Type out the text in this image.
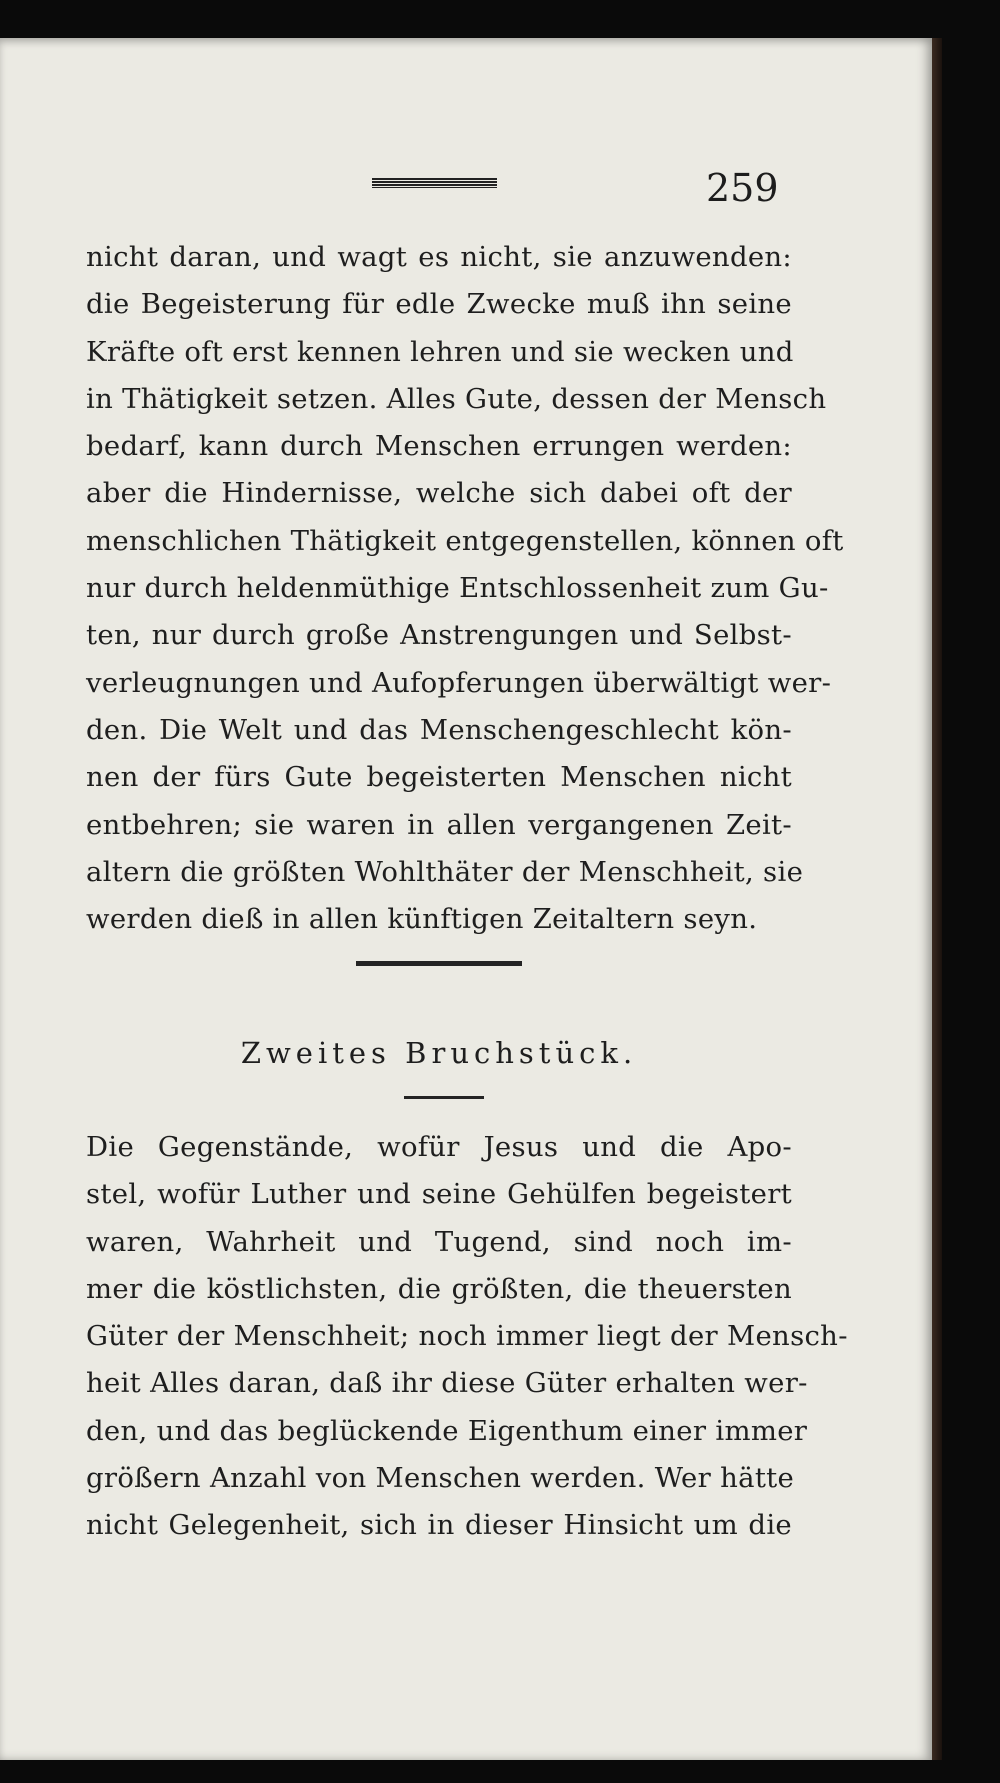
259
nicht daran, und wagt es nicht, sie anzuwenden:
die Begeisterung für edle Zwecke muß ihn seine
Kräfte oft erst kennen lehren und sie wecken und
in Thätigkeit setzen. Alles Gute, dessen der Mensch
bedarf, kann durch Menschen errungen werden:
aber die Hindernisse, welche sich dabei oft der
menschlichen Thätigkeit entgegenstellen, können oft
nur durch heldenmüthige Entschlossenheit zum Gu-
ten, nur durch große Anstrengungen und Selbst-
verleugnungen und Aufopferungen überwältigt wer-
den. Die Welt und das Menschengeschlecht kön-
nen der fürs Gute begeisterten Menschen nicht
entbehren; sie waren in allen vergangenen Zeit-
altern die größten Wohlthäter der Menschheit, sie
werden dieß in allen künftigen Zeitaltern seyn.
Zweites Bruchstück.
Die Gegenstände, wofür Jesus und die Apo-
stel, wofür Luther und seine Gehülfen begeistert
waren, Wahrheit und Tugend, sind noch im-
mer die köstlichsten, die größten, die theuersten
Güter der Menschheit; noch immer liegt der Mensch-
heit Alles daran, daß ihr diese Güter erhalten wer-
den, und das beglückende Eigenthum einer immer
größern Anzahl von Menschen werden. Wer hätte
nicht Gelegenheit, sich in dieser Hinsicht um die
